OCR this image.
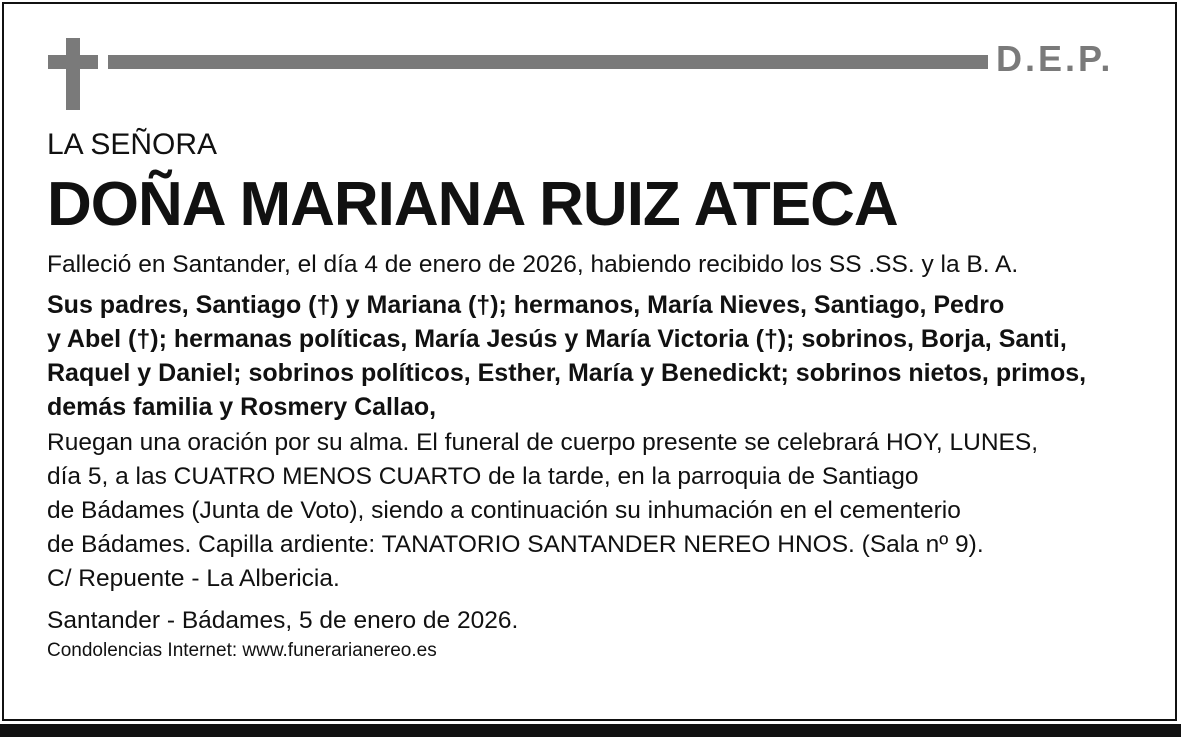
D.E.P.

LA SEÑORA

DOÑA MARIANA RUIZ ATECA

Falleció en Santander, el día 4 de enero de 2026, habiendo recibido los SS .SS. y la B. A.

Sus padres, Santiago (†) y Mariana (†); hermanos, María Nieves, Santiago, Pedro
y Abel (†); hermanas políticas, María Jesús y María Victoria (†); sobrinos, Borja, Santi,
Raquel y Daniel; sobrinos políticos, Esther, María y Benedickt; sobrinos nietos, primos,
demás familia y Rosmery Callao,
Ruegan una oración por su alma. El funeral de cuerpo presente se celebrará HOY, LUNES,
día 5, a las CUATRO MENOS CUARTO de la tarde, en la parroquia de Santiago
de Bádames (Junta de Voto), siendo a continuación su inhumación en el cementerio
de Bádames. Capilla ardiente: TANATORIO SANTANDER NEREO HNOS. (Sala nº 9).
C/ Repuente - La Albericia.

Santander - Bádames, 5 de enero de 2026.

Condolencias Internet: www.funerarianereo.es
